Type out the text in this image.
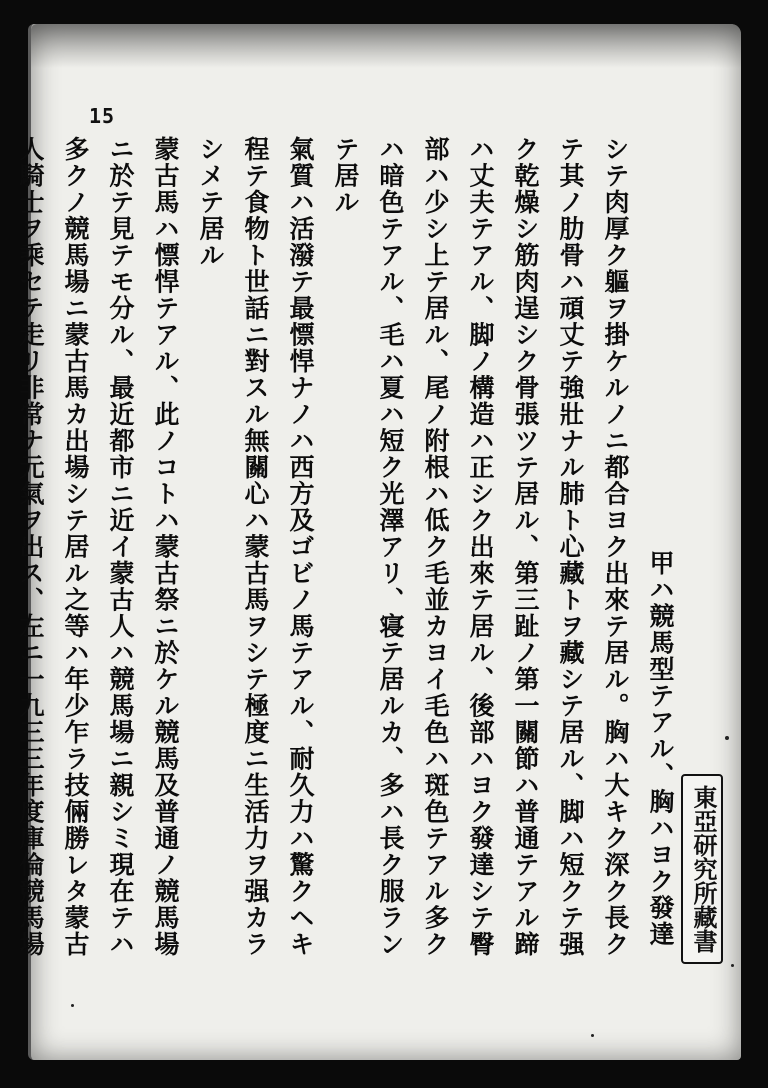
15

甲ハ競馬型テアル、胸ハヨク發達

シテ肉厚ク軀ヲ掛ケルノニ都合ヨク出來テ居ル。胸ハ大キク深ク長ク

テ其ノ肋骨ハ頑丈テ強壯ナル肺ト心藏トヲ藏シテ居ル、脚ハ短クテ强

ク乾燥シ筋肉逞シク骨張ツテ居ル、第三趾ノ第一關節ハ普通テアル蹄

ハ丈夫テアル、脚ノ構造ハ正シク出來テ居ル、後部ハヨク發達シテ臀

部ハ少シ上テ居ル、尾ノ附根ハ低ク毛並カヨイ毛色ハ斑色テアル多ク

ハ暗色テアル、毛ハ夏ハ短ク光澤アリ、寝テ居ルカ、多ハ長ク服ラン

テ居ル

氣質ハ活潑テ最慓悍ナノハ西方及ゴビノ馬テアル、耐久力ハ驚クヘキ

程テ食物ト世話ニ對スル無關心ハ蒙古馬ヲシテ極度ニ生活力ヲ强カラ

シメテ居ル

蒙古馬ハ慓悍テアル、此ノコトハ蒙古祭ニ於ケル競馬及普通ノ競馬場

ニ於テ見テモ分ル、最近都市ニ近イ蒙古人ハ競馬場ニ親シミ現在テハ

多クノ競馬場ニ蒙古馬カ出場シテ居ル之等ハ年少乍ラ技倆勝レタ蒙古

人騎士ヲ乘セテ走リ非常ナ元氣ヲ出ス、左ニ一九三三年度庫倫競馬場	東亞研究所藏書
